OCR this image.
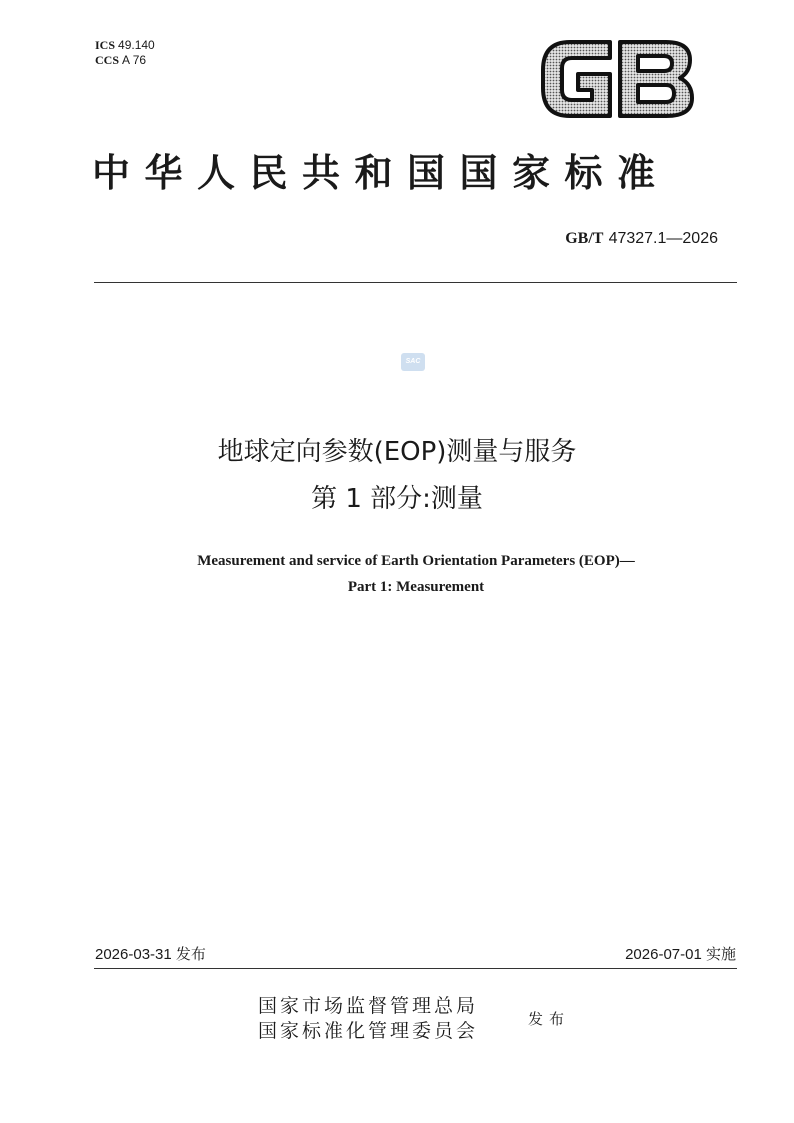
ICS 49.140
CCS A 76
中华人民共和国国家标准
GB/T 47327.1—2026
SAC
地球定向参数(EOP)测量与服务
第 1 部分:测量
Measurement and service of Earth Orientation Parameters (EOP)—
Part 1: Measurement
2026-03-31 发布	2026-07-01 实施
国家市场监督管理总局
国家标准化管理委员会
发布
